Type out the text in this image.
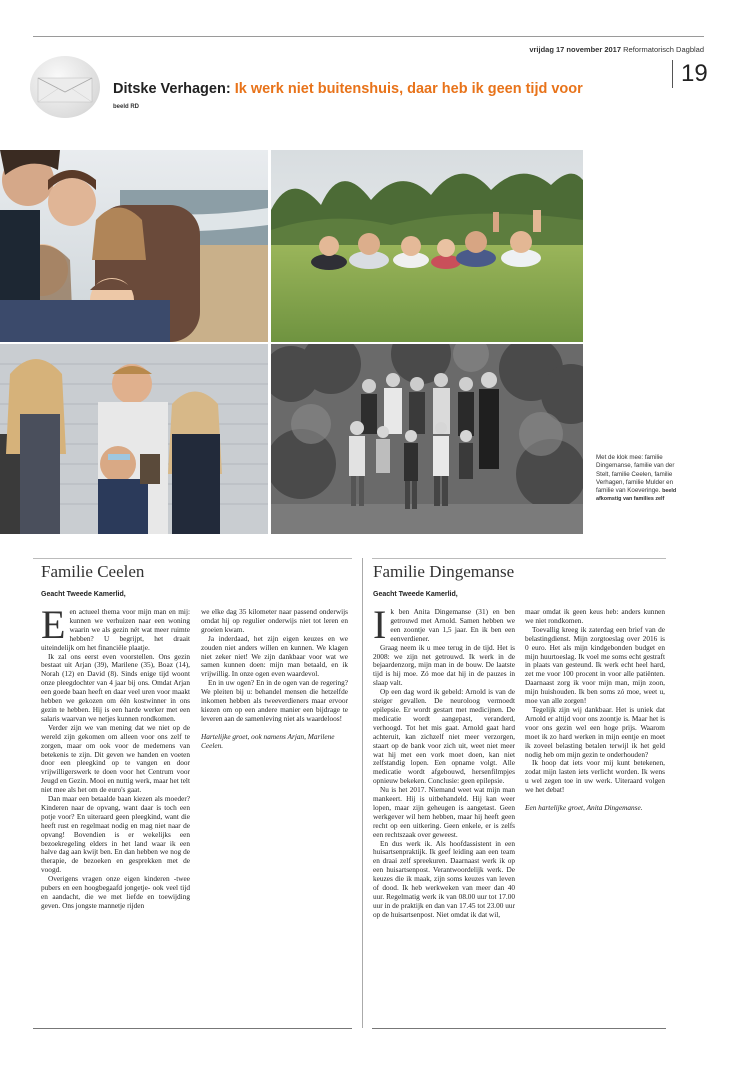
vrijdag 17 november 2017 Reformatorisch Dagblad
19
Ditske Verhagen: Ik werk niet buitenshuis, daar heb ik geen tijd voor
beeld RD
Met de klok mee: familie Dingemanse, familie van der Stelt, familie Ceelen, familie Verhagen, familie Mulder en familie van Koeveringe. beeld afkomstig van families zelf
Familie Ceelen
Geacht Tweede Kamerlid,

Een actueel thema voor mijn man en mij: kunnen we verhuizen naar een woning waarin we als gezin nét wat meer ruimte hebben? U begrijpt, het draait uiteindelijk om het financiële plaatje.

Ik zal ons eerst even voorstellen. Ons gezin bestaat uit Arjan (39), Marilene (35), Boaz (14), Norah (12) en David (8). Sinds enige tijd woont onze pleegdochter van 4 jaar bij ons. Omdat Arjan een goede baan heeft en daar veel uren voor maakt hebben we gekozen om één kostwinner in ons gezin te hebben. Hij is een harde werker met een salaris waarvan we netjes kunnen rondkomen.

Verder zijn we van mening dat we niet op de wereld zijn gekomen om alleen voor ons zelf te zorgen, maar om ook voor de medemens van betekenis te zijn. Dit geven we handen en voeten door een pleegkind op te vangen en door vrijwilligerswerk te doen voor het Centrum voor Jeugd en Gezin. Mooi en nuttig werk, maar het telt niet mee als het om de euro's gaat.

Dan maar een betaalde baan kiezen als moeder? Kinderen naar de opvang, want daar is toch een potje voor? En uiteraard geen pleegkind, want die heeft rust en regelmaat nodig en mag niet naar de opvang! Bovendien is er wekelijks een bezoekregeling elders in het land waar ik een halve dag aan kwijt ben. En dan hebben we nog de therapie, de bezoeken en gesprekken met de voogd.

Overigens vragen onze eigen kinderen -twee pubers en een hoogbegaafd jongetje- ook veel tijd en aandacht, die we met liefde en toewijding geven. Ons jongste mannetje rijden

we elke dag 35 kilometer naar passend onderwijs omdat hij op regulier onderwijs niet tot leren en groeien kwam.

Ja inderdaad, het zijn eigen keuzes en we zouden niet anders willen en kunnen. We klagen niet zeker niet! We zijn dankbaar voor wat we samen kunnen doen: mijn man betaald, en ik vrijwillig. In onze ogen even waardevol.

En in uw ogen? En in de ogen van de regering? We pleiten bij u: behandel mensen die hetzelfde inkomen hebben als tweeverdieners maar ervoor kiezen om op een andere manier een bijdrage te leveren aan de samenleving niet als waardeloos!

Hartelijke groet, ook namens Arjan, Marilene Ceelen.

Familie Dingemanse
Geacht Tweede Kamerlid,

Ik ben Anita Dingemanse (31) en ben getrouwd met Arnold. Samen hebben we een zoontje van 1,5 jaar. En ik ben een eenverdiener.

Graag neem ik u mee terug in de tijd. Het is 2008: we zijn net getrouwd. Ik werk in de bejaardenzorg, mijn man in de bouw. De laatste tijd is hij moe. Zó moe dat hij in de pauzes in slaap valt.

Op een dag word ik gebeld: Arnold is van de steiger gevallen. De neuroloog vermoedt epilepsie. Er wordt gestart met medicijnen. De medicatie wordt aangepast, veranderd, verhoogd. Tot het mis gaat. Arnold gaat hard achteruit, kan zichzelf niet meer verzorgen, staart op de bank voor zich uit, weet niet meer wat hij met een vork moet doen, kan niet zelfstandig lopen. Een opname volgt. Alle medicatie wordt afgebouwd, hersenfilmpjes opnieuw bekeken. Conclusie: geen epilepsie.

Nu is het 2017. Niemand weet wat mijn man mankeert. Hij is uitbehandeld. Hij kan weer lopen, maar zijn geheugen is aangetast. Geen werkgever wil hem hebben, maar hij heeft geen recht op een uitkering. Geen enkele, er is zelfs een rechtszaak over geweest.

En dus werk ik. Als hoofdassistent in een huisartsenpraktijk. Ik geef leiding aan een team en draai zelf spreekuren. Daarnaast werk ik op een huisartsenpost. Verantwoordelijk werk. De keuzes die ik maak, zijn soms keuzes van leven of dood. Ik heb werkweken van meer dan 40 uur. Regelmatig werk ik van 08.00 uur tot 17.00 uur in de praktijk en dan van 17.45 tot 23.00 uur op de huisartsenpost. Niet omdat ik dat wil,

maar omdat ik geen keus heb: anders kunnen we niet rondkomen.

Toevallig kreeg ik zaterdag een brief van de belastingdienst. Mijn zorgtoeslag over 2016 is 0 euro. Het als mijn kindgebonden budget en mijn huurtoeslag. Ik voel me soms echt gestraft in plaats van gesteund. Ik werk echt heel hard, zet me voor 100 procent in voor alle patiënten. Daarnaast zorg ik voor mijn man, mijn zoon, mijn huishouden. Ik ben soms zó moe, weet u, moe van alle zorgen!

Tegelijk zijn wij dankbaar. Het is uniek dat Arnold er altijd voor ons zoontje is. Maar het is voor ons gezin wel een hoge prijs. Waarom moet ik zo hard werken in mijn eentje en moet ik zoveel belasting betalen terwijl ik het geld nodig heb om mijn gezin te onderhouden?

Ik hoop dat iets voor mij kunt betekenen, zodat mijn lasten iets verlicht worden. Ik wens u wel zegen toe in uw werk. Uiteraard volgen we het debat!

Een hartelijke groet, Anita Dingemanse.
